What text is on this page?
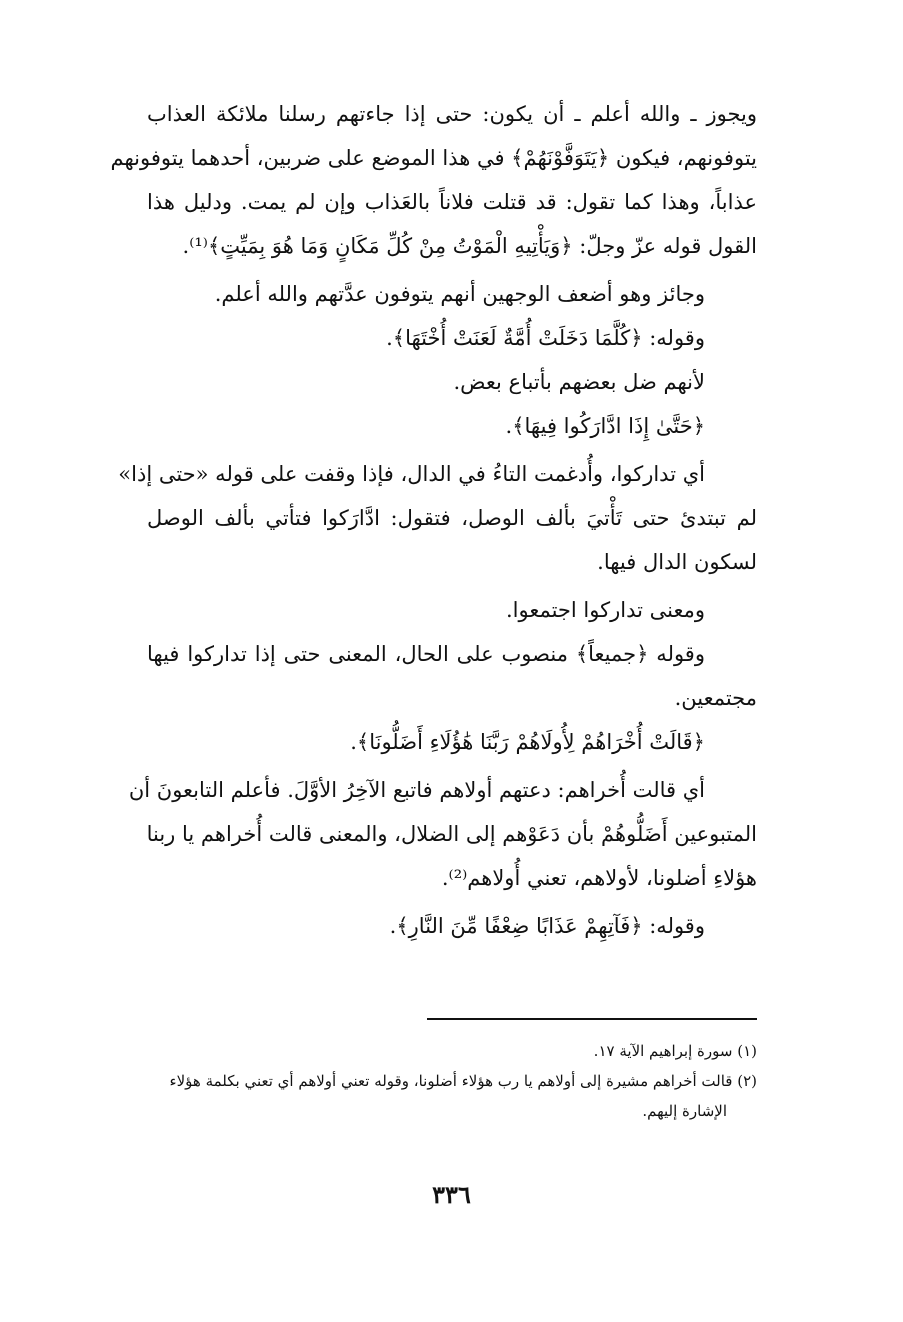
ويجوز ـ والله أعلم ـ أن يكون: حتى إذا جاءتهم رسلنا ملائكة العذاب
يتوفونهم، فيكون ﴿يَتَوَفَّوْنَهُمْ﴾ في هذا الموضع على ضربين، أحدهما يتوفونهم
عذاباً، وهذا كما تقول: قد قتلت فلاناً بالعَذاب وإن لم يمت. ودليل هذا
القول قوله عزّ وجلّ: ﴿وَيَأْتِيهِ الْمَوْتُ مِنْ كُلِّ مَكَانٍ وَمَا هُوَ بِمَيِّتٍ﴾⁽¹⁾.
وجائز وهو أضعف الوجهين أنهم يتوفون عدَّتهم والله أعلم.
وقوله: ﴿كُلَّمَا دَخَلَتْ أُمَّةٌ لَعَنَتْ أُخْتَهَا﴾.
لأنهم ضل بعضهم بأتباع بعض.
﴿حَتَّىٰ إِذَا ادَّارَكُوا فِيهَا﴾.
أي تداركوا، وأُدغمت التاءُ في الدال، فإذا وقفت على قوله «حتى إذا»
لم تبتدئ حتى تَأْتيَ بألف الوصل، فتقول: ادَّارَكوا فتأتي بألف الوصل
لسكون الدال فيها.
ومعنى تداركوا اجتمعوا.
وقوله ﴿جميعاً﴾ منصوب على الحال، المعنى حتى إذا تداركوا فيها
مجتمعين.
﴿قَالَتْ أُخْرَاهُمْ لِأُولَاهُمْ رَبَّنَا هَٰؤُلَاءِ أَضَلُّونَا﴾.
أي قالت أُخراهم: دعتهم أولاهم فاتبع الآخِرُ الأوَّلَ. فأعلم التابعونَ أن
المتبوعين أَضَلُّوهُمْ بأن دَعَوْهم إلى الضلال، والمعنى قالت أُخراهم يا ربنا
هؤلاءِ أضلونا، لأولاهم، تعني أُولاهم⁽²⁾.
وقوله: ﴿فَآتِهِمْ عَذَابًا ضِعْفًا مِّنَ النَّارِ﴾.
(١) سورة إبراهيم الآية ١٧.
(٢) قالت أخراهم مشيرة إلى أولاهم يا رب هؤلاء أضلونا، وقوله تعني أولاهم أي تعني بكلمة هؤلاء
الإشارة إليهم.
٣٣٦
